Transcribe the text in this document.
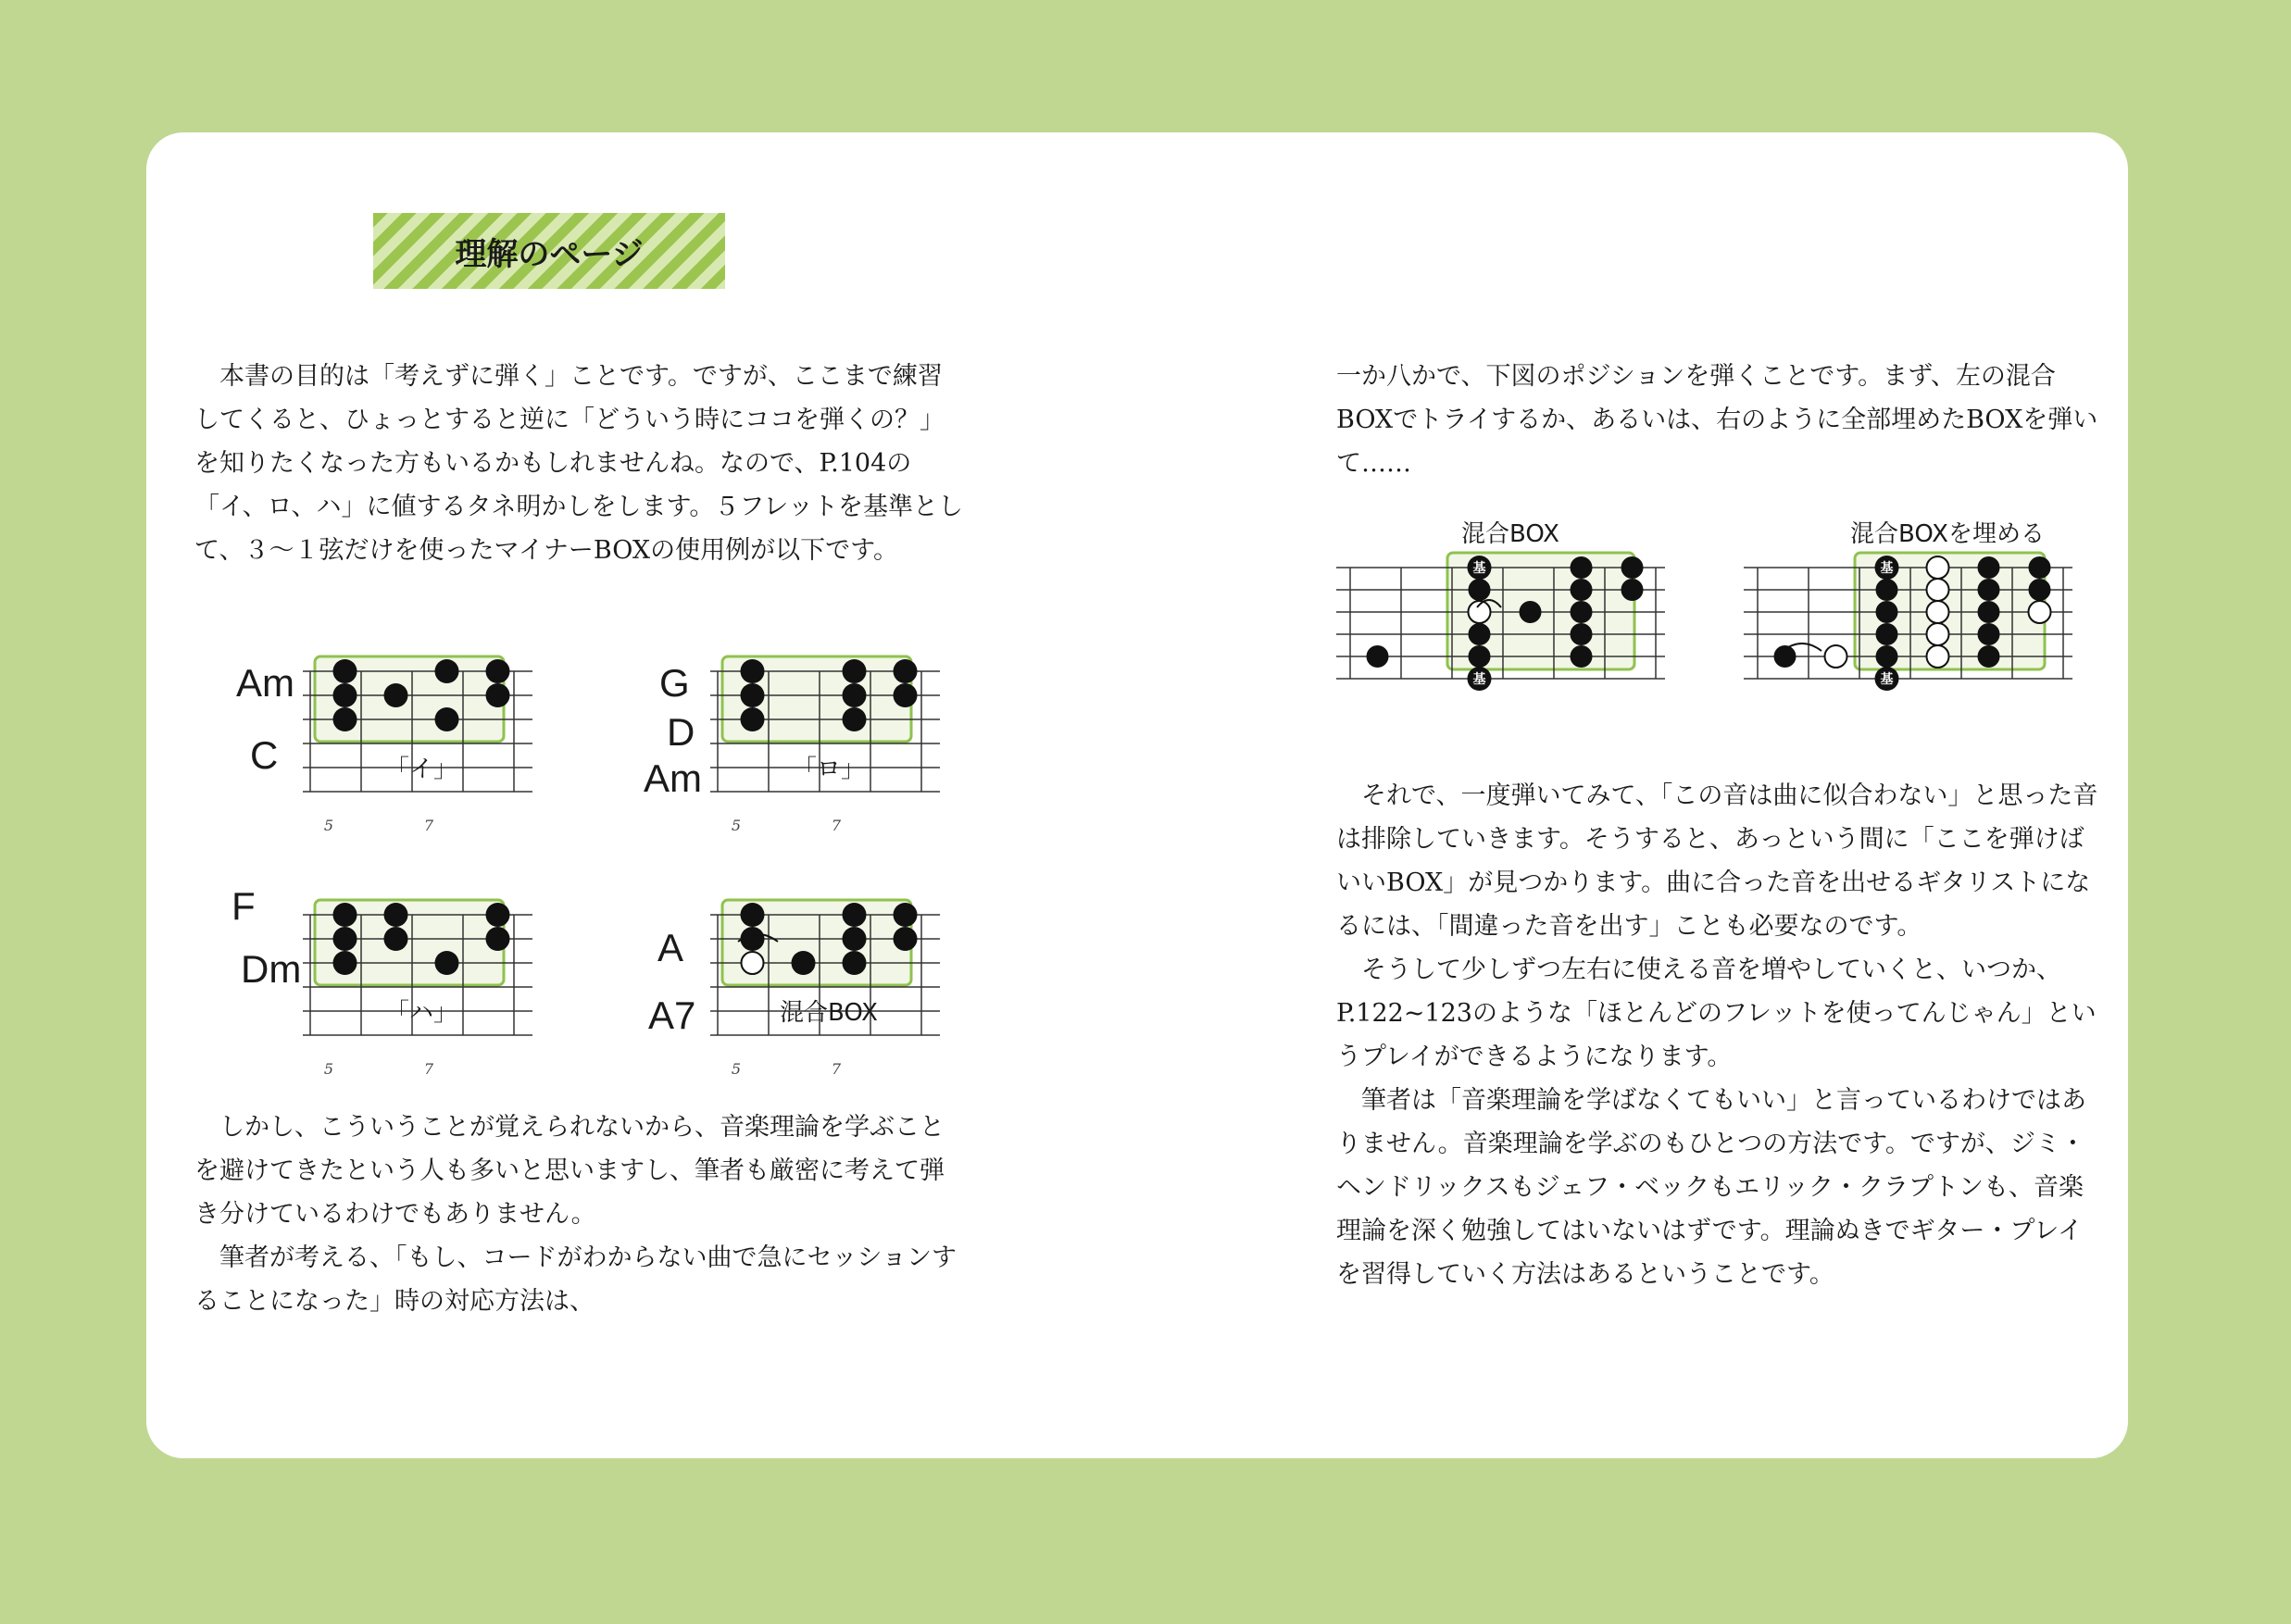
理解のページ

本書の目的は「考えずに弾く」ことです。ですが、ここまで練習してくると、ひょっとすると逆に「どういう時にココを弾くの？」を知りたくなった方もいるかもしれませんね。なので、P.104の「イ、ロ、ハ」に値するタネ明かしをします。５フレットを基準として、３〜１弦だけを使ったマイナーBOXの使用例が以下です。

「イ」
5	7
Am
C	「ロ」
5	7
G
D
Am
「ハ」
5	7
F
Dm
混合BOX
5	7
A
A7

しかし、こういうことが覚えられないから、音楽理論を学ぶことを避けてきたという人も多いと思いますし、筆者も厳密に考えて弾き分けているわけでもありません。

筆者が考える、「もし、コードがわからない曲で急にセッションすることになった」時の対応方法は、

一か八かで、下図のポジションを弾くことです。まず、左の混合BOXでトライするか、あるいは、右のように全部埋めたBOXを弾いて……

混合BOX
基
基
混合BOXを埋める
基
基

それで、一度弾いてみて、「この音は曲に似合わない」と思った音は排除していきます。そうすると、あっという間に「ここを弾けばいいBOX」が見つかります。曲に合った音を出せるギタリストになるには、「間違った音を出す」ことも必要なのです。

そうして少しずつ左右に使える音を増やしていくと、いつか、P.122~123のような「ほとんどのフレットを使ってんじゃん」というプレイができるようになります。

筆者は「音楽理論を学ばなくてもいい」と言っているわけではありません。音楽理論を学ぶのもひとつの方法です。ですが、ジミ・ヘンドリックスもジェフ・ベックもエリック・クラプトンも、音楽理論を深く勉強してはいないはずです。理論ぬきでギター・プレイを習得していく方法はあるということです。
